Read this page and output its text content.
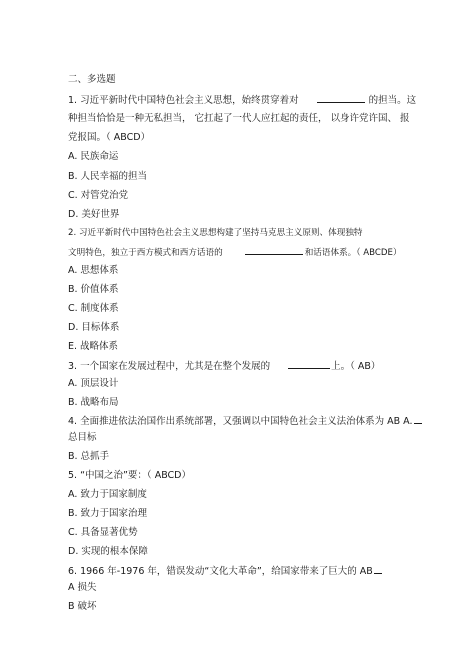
二、多选题
1. 习近平新时代中国特色社会主义思想，始终贯穿着对	的担当。这
种担当恰恰是一种无私担当， 它扛起了一代人应扛起的责任， 以身许党许国、 报
党报国。（ ABCD）
A. 民族命运
B. 人民幸福的担当
C. 对管党治党
D. 美好世界
2. 习近平新时代中国特色社会主义思想构建了坚持马克思主义原则、体现独特
文明特色，独立于西方模式和西方话语的	和话语体系。（ ABCDE）
A. 思想体系
B. 价值体系
C. 制度体系
D. 目标体系
E. 战略体系
3. 一个国家在发展过程中，尤其是在整个发展的	上。（ AB）
A. 顶层设计
B. 战略布局
4. 全面推进依法治国作出系统部署，又强调以中国特色社会主义法治体系为 AB A.
总目标
B. 总抓手
5. “中国之治”要：（ ABCD）
A. 致力于国家制度
B. 致力于国家治理
C. 具备显著优势
D. 实现的根本保障
6. 1966 年-1976 年，错误发动“文化大革命”，给国家带来了巨大的 AB
A 损失
B 破坏
